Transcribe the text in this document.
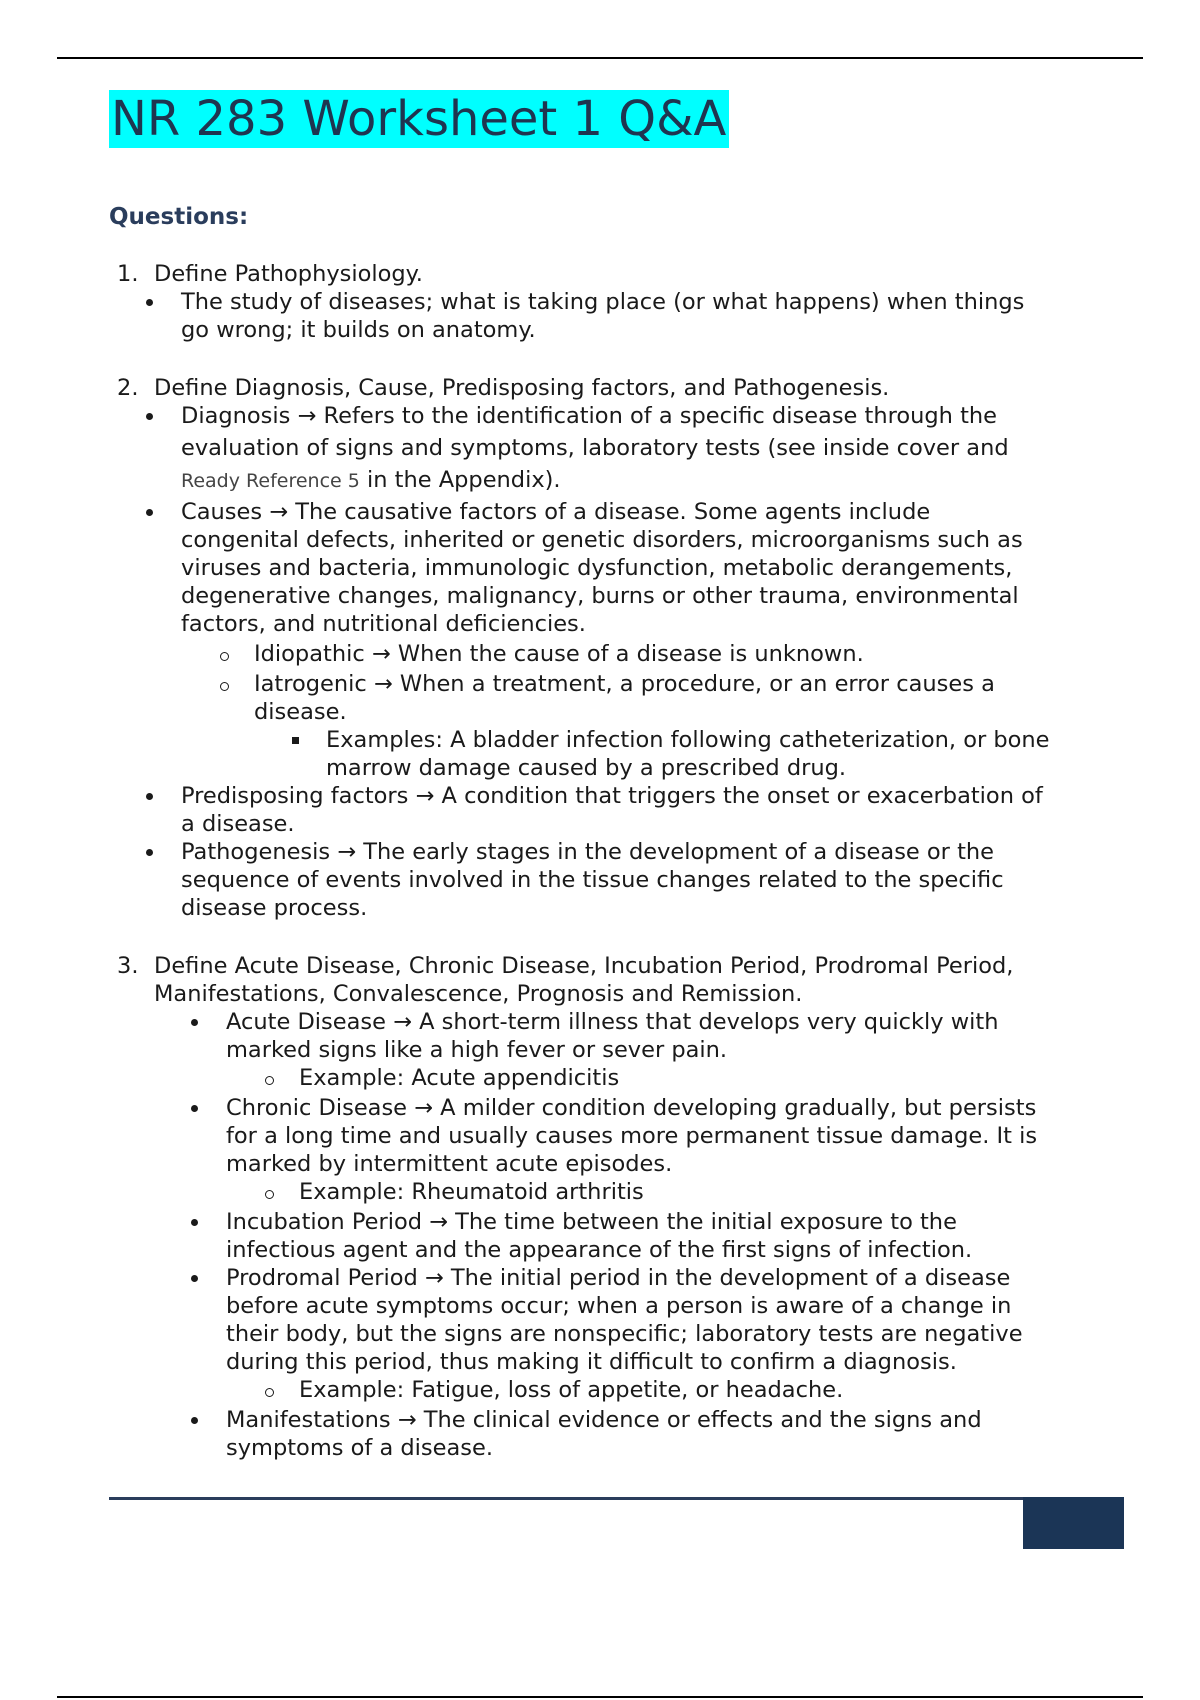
NR 283 Worksheet 1 Q&A
Questions:
1. Define Pathophysiology.
The study of diseases; what is taking place (or what happens) when things
go wrong; it builds on anatomy.
2. Define Diagnosis, Cause, Predisposing factors, and Pathogenesis.
Diagnosis → Refers to the identification of a specific disease through the
evaluation of signs and symptoms, laboratory tests (see inside cover and
Ready Reference 5 in the Appendix).
Causes → The causative factors of a disease. Some agents include
congenital defects, inherited or genetic disorders, microorganisms such as
viruses and bacteria, immunologic dysfunction, metabolic derangements,
degenerative changes, malignancy, burns or other trauma, environmental
factors, and nutritional deficiencies.
Idiopathic → When the cause of a disease is unknown.
Iatrogenic → When a treatment, a procedure, or an error causes a
disease.
Examples: A bladder infection following catheterization, or bone
marrow damage caused by a prescribed drug.
Predisposing factors → A condition that triggers the onset or exacerbation of
a disease.
Pathogenesis → The early stages in the development of a disease or the
sequence of events involved in the tissue changes related to the specific
disease process.
3. Define Acute Disease, Chronic Disease, Incubation Period, Prodromal Period,
Manifestations, Convalescence, Prognosis and Remission.
Acute Disease → A short-term illness that develops very quickly with
marked signs like a high fever or sever pain.
Example: Acute appendicitis
Chronic Disease → A milder condition developing gradually, but persists
for a long time and usually causes more permanent tissue damage. It is
marked by intermittent acute episodes.
Example: Rheumatoid arthritis
Incubation Period → The time between the initial exposure to the
infectious agent and the appearance of the first signs of infection.
Prodromal Period → The initial period in the development of a disease
before acute symptoms occur; when a person is aware of a change in
their body, but the signs are nonspecific; laboratory tests are negative
during this period, thus making it difficult to confirm a diagnosis.
Example: Fatigue, loss of appetite, or headache.
Manifestations → The clinical evidence or effects and the signs and
symptoms of a disease.
